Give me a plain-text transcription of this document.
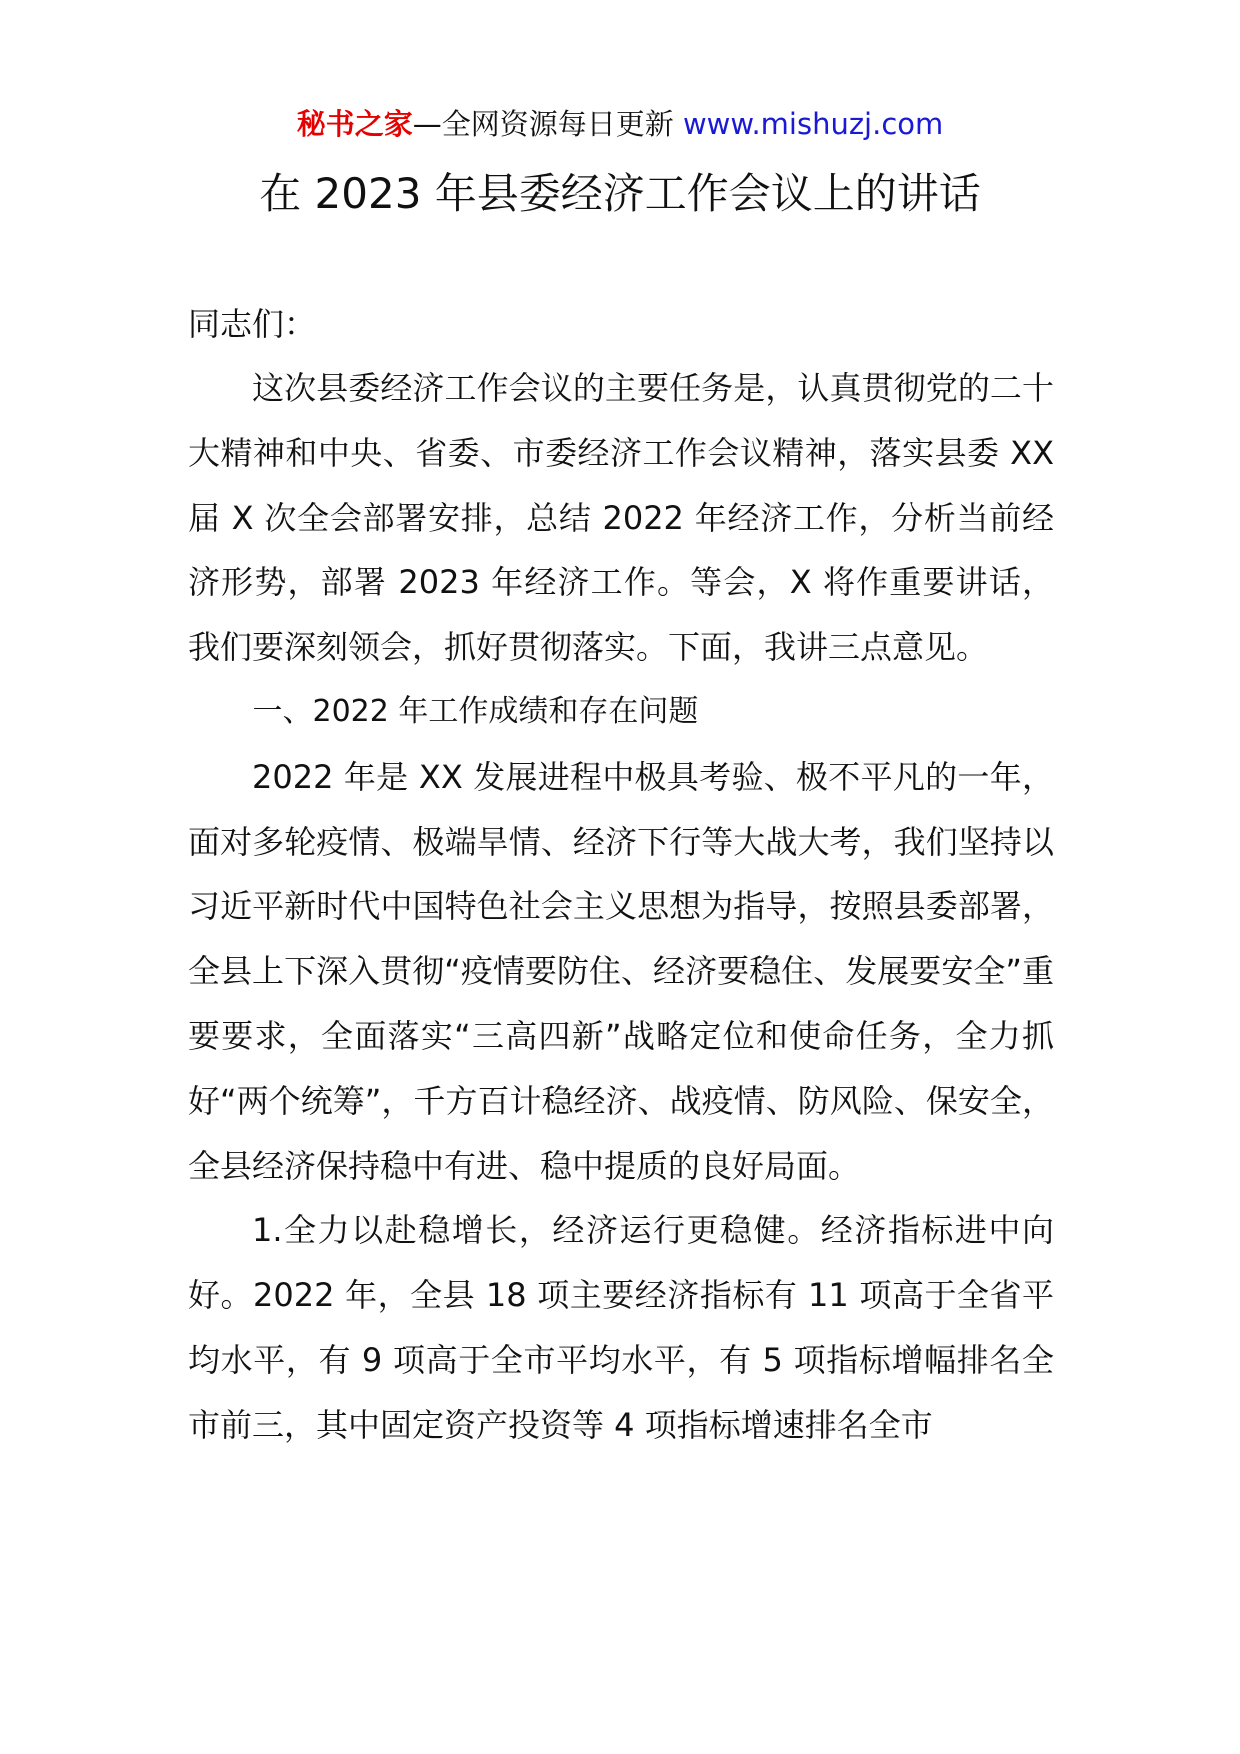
秘书之家—全网资源每日更新 www.mishuzj.com
在 2023 年县委经济工作会议上的讲话

同志们：

这次县委经济工作会议的主要任务是，认真贯彻党的二十大精神和中央、省委、市委经济工作会议精神，落实县委 XX 届 X 次全会部署安排，总结 2022 年经济工作，分析当前经济形势，部署 2023 年经济工作。等会，X 将作重要讲话，我们要深刻领会，抓好贯彻落实。下面，我讲三点意见。

一、2022 年工作成绩和存在问题

2022 年是 XX 发展进程中极具考验、极不平凡的一年，面对多轮疫情、极端旱情、经济下行等大战大考，我们坚持以习近平新时代中国特色社会主义思想为指导，按照县委部署，全县上下深入贯彻“疫情要防住、经济要稳住、发展要安全”重要要求，全面落实“三高四新”战略定位和使命任务，全力抓好“两个统筹”，千方百计稳经济、战疫情、防风险、保安全，全县经济保持稳中有进、稳中提质的良好局面。

1.全力以赴稳增长，经济运行更稳健。经济指标进中向好。2022 年，全县 18 项主要经济指标有 11 项高于全省平均水平，有 9 项高于全市平均水平，有 5 项指标增幅排名全市前三，其中固定资产投资等 4 项指标增速排名全市
